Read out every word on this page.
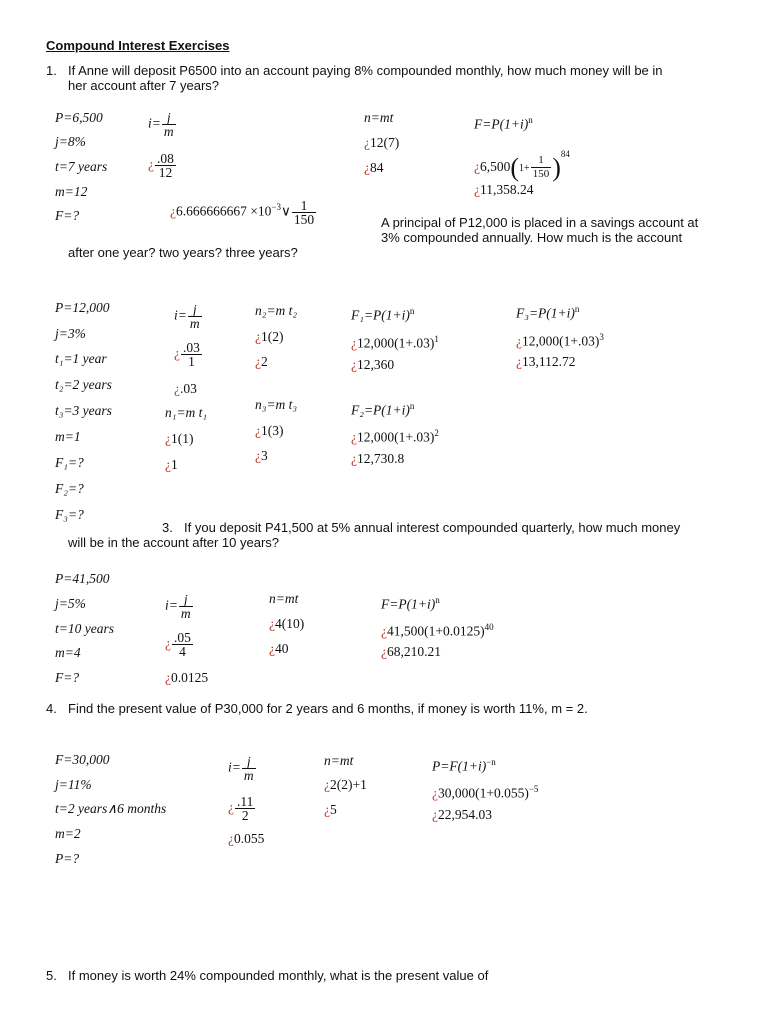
Compound Interest Exercises
1. If Anne will deposit P6500 into an account paying 8% compounded monthly, how much money will be in
her account after 7 years?
P=6,500
j=8%
t=7 years
m=12
F=?
$i= \frac{j}{m}$
¿ $\frac{.08}{12}$
¿$6.666666667 \times 10^{-3}\vee \frac{1}{150}$
n=mt
¿12(7)
¿84
$F=P(1+i)^n$
¿$6,500(1+ \frac{1}{150} )^{84}$
¿11,358.24
A principal of P12,000 is placed in a savings account at
3% compounded annually. How much is the account
after one year? two years? three years?
P=12,000
j=3%
t₁=1 year
t₂=2 years
t₃=3 years
m=1
F₁=?
F₂=?
F₃=?
$i= \frac{j}{m}$
¿ $\frac{.03}{1}$
¿.03
n₁=m t₁
¿1(1)
¿1
n₂=m t₂
¿1(2)
¿2
n₃=m t₃
¿1(3)
¿3
$F_1=P(1+i)^n$
¿$12,000(1+.03)^1$
¿12,360
$F_2=P(1+i)^n$
¿$12,000(1+.03)^2$
¿12,730.8
$F_3=P(1+i)^n$
¿$12,000(1+.03)^3$
¿13,112.72
3. If you deposit P41,500 at 5% annual interest compounded quarterly, how much money
will be in the account after 10 years?
P=41,500
j=5%
t=10 years
m=4
F=?
$i= \frac{j}{m}$
¿ $\frac{.05}{4}$
¿0.0125
n=mt
¿4(10)
¿40
$F=P(1+i)^n$
¿$41,500(1+0.0125)^{40}$
¿68,210.21
4. Find the present value of P30,000 for 2 years and 6 months, if money is worth 11%, m = 2.
F=30,000
j=11%
t=2 years∧6 months
m=2
P=?
$i= \frac{j}{m}$
¿ $\frac{.11}{2}$
¿0.055
n=mt
¿2(2)+1
¿5
$P=F(1+i)^{-n}$
¿$30,000(1+0.055)^{-5}$
¿22,954.03
5. If money is worth 24% compounded monthly, what is the present value of
